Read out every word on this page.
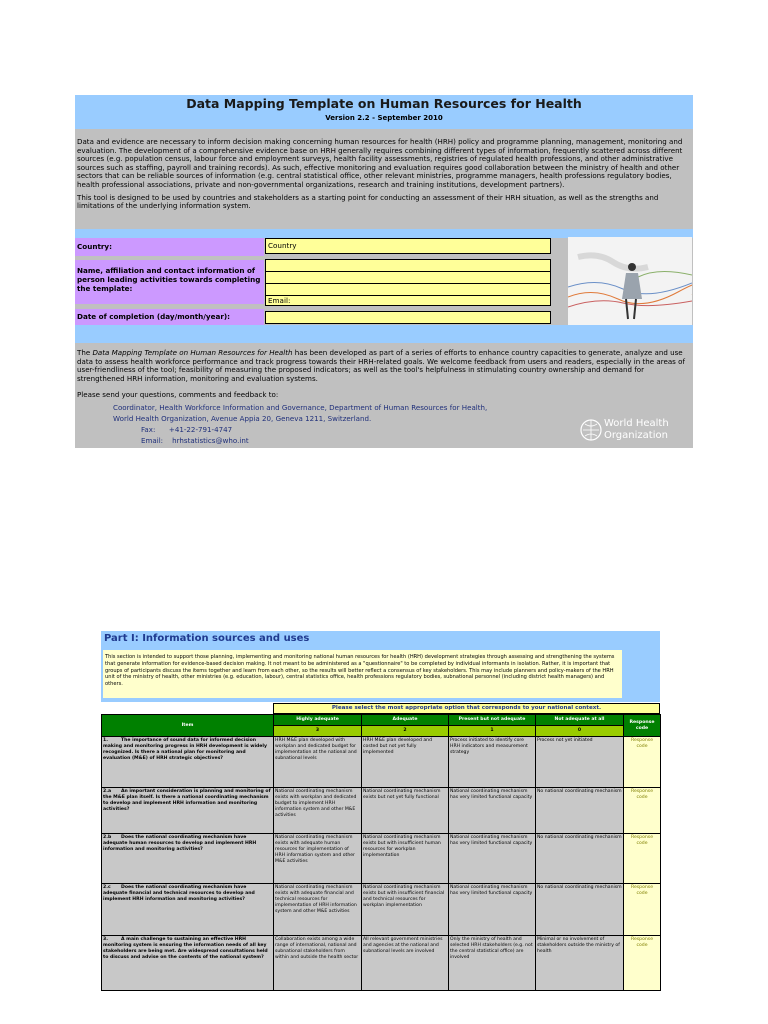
Data Mapping Template on Human Resources for Health
Version 2.2 - September 2010

Data and evidence are necessary to inform decision making concerning human resources for health (HRH) policy and programme planning, management, monitoring and evaluation. The development of a comprehensive evidence base on HRH generally requires combining different types of information, frequently scattered across different sources (e.g. population census, labour force and employment surveys, health facility assessments, registries of regulated health professions, and other administrative sources such as staffing, payroll and training records). As such, effective monitoring and evaluation requires good collaboration between the ministry of health and other sectors that can be reliable sources of information (e.g. central statistical office, other relevant ministries, programme managers, health professions regulatory bodies, health professional associations, private and non-governmental organizations, research and training institutions, development partners).

This tool is designed to be used by countries and stakeholders as a starting point for conducting an assessment of their HRH situation, as well as the strengths and limitations of the underlying information system.

Country:	Country
Name, affiliation and contact information of person leading activities towards completing the template:
Email:
Date of completion (day/month/year):
The Data Mapping Template on Human Resources for Health has been developed as part of a series of efforts to enhance country capacities to generate, analyze and use data to assess health workforce performance and track progress towards their HRH-related goals. We welcome feedback from users and readers, especially in the areas of user-friendliness of the tool; feasibility of measuring the proposed indicators; as well as the tool's helpfulness in stimulating country ownership and demand for strengthened HRH information, monitoring and evaluation systems.
Please send your questions, comments and feedback to:
Coordinator, Health Workforce Information and Governance, Department of Human Resources for Health,
World Health Organization, Avenue Appia 20, Geneva 1211, Switzerland.
Fax:      +41-22-791-4747
Email:    hrhstatistics@who.int
World Health
Organization
Part I: Information sources and uses
This section is intended to support those planning, implementing and monitoring national human resources for health (HRH) development strategies through assessing and strengthening the systems that generate information for evidence-based decision making. It not meant to be administered as a "questionnaire" to be completed by individual informants in isolation. Rather, it is important that groups of participants discuss the items together and learn from each other, so the results will better reflect a consensus of key stakeholders. This may include planners and policy-makers of the HRH unit of the ministry of health, other ministries (e.g. education, labour), central statistics office, health professions regulatory bodies, subnational personnel (including district health managers) and others.
Please select the most appropriate option that corresponds to your national context.
Item	Highly adequate	Adequate	Present but not adequate	Not adequate at all	Response code
	3	2	1	0	
1. The importance of sound data for informed decision making and monitoring progress in HRH development is widely recognized. Is there a national plan for monitoring and evaluation (M&E) of HRH strategic objectives?	HRH M&E plan developed with workplan and dedicated budget for implementation at the national and subnational levels	HRH M&E plan developed and costed but not yet fully implemented	Process initiated to identify core HRH indicators and measurement strategy	Process not yet initiated	Response code
2.a An important consideration is planning and monitoring of the M&E plan itself. Is there a national coordinating mechanism to develop and implement HRH information and monitoring activities?	National coordinating mechanism exists with workplan and dedicated budget to implement HRH information system and other M&E activities	National coordinating mechanism exists but not yet fully functional	National coordinating mechanism has very limited functional capacity	No national coordinating mechanism	Response code
2.b Does the national coordinating mechanism have adequate human resources to develop and implement HRH information and monitoring activities?	National coordinating mechanism exists with adequate human resources for implementation of HRH information system and other M&E activities	National coordinating mechanism exists but with insufficient human resources for workplan implementation	National coordinating mechanism has very limited functional capacity	No national coordinating mechanism	Response code
2.c Does the national coordinating mechanism have adequate financial and technical resources to develop and implement HRH information and monitoring activities?	National coordinating mechanism exists with adequate financial and technical resources for implementation of HRH information system and other M&E activities	National coordinating mechanism exists but with insufficient financial and technical resources for workplan implementation	National coordinating mechanism has very limited functional capacity	No national coordinating mechanism	Response code
3. A main challenge to sustaining an effective HRH monitoring system is ensuring the information needs of all key stakeholders are being met. Are widespread consultations held to discuss and advise on the contents of the national system?	Collaboration exists among a wide range of international, national and subnational stakeholders from within and outside the health sector	All relevant government ministries and agencies at the national and subnational levels are involved	Only the ministry of health and selected HRH stakeholders (e.g. not the central statistical office) are involved	Minimal or no involvement of stakeholders outside the ministry of health	Response code
